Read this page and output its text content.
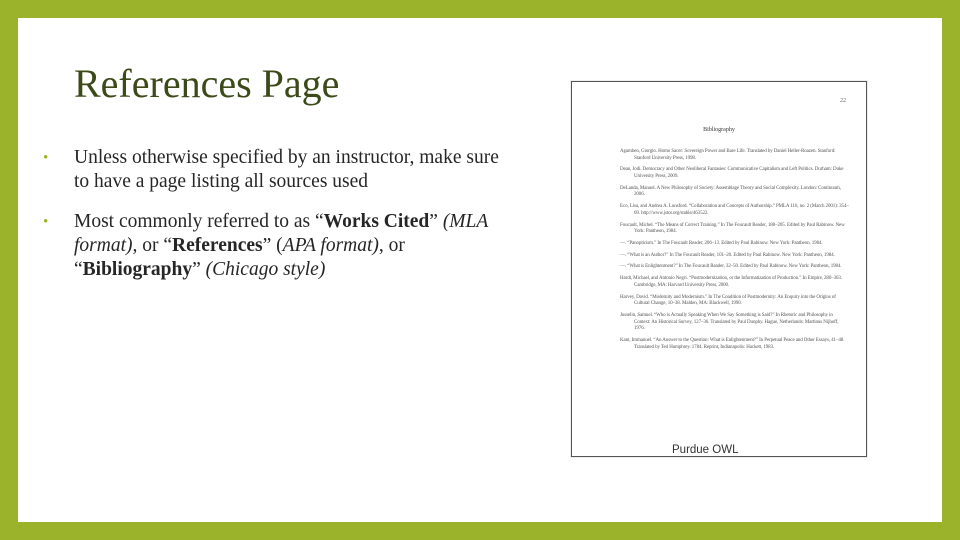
References Page
• Unless otherwise specified by an instructor, make sure
to have a page listing all sources used
• Most commonly referred to as “Works Cited” (MLA
format), or “References” (APA format), or
“Bibliography” (Chicago style)
22
Bibliography
Agamben, Giorgio. Homo Sacer: Sovereign Power and Bare Life. Translated by Daniel Heller-Roazen. Stanford: Stanford University Press, 1998.
Dean, Jodi. Democracy and Other Neoliberal Fantasies: Communicative Capitalism and Left Politics. Durham: Duke University Press, 2009.
DeLanda, Manuel. A New Philosophy of Society: Assemblage Theory and Social Complexity. London: Continuum, 2006.
Eco, Lisa, and Andrea A. Lunsford. “Collaboration and Concepts of Authorship.” PMLA 116, no. 2 (March 2001): 354–69. http://www.jstor.org/stable/463522.
Foucault, Michel. “The Means of Correct Training.” In The Foucault Reader, 188–205. Edited by Paul Rabinow. New York: Pantheon, 1984.
—. “Panopticism.” In The Foucault Reader, 206–13. Edited by Paul Rabinow. New York: Pantheon, 1984.
—. “What is an Author?” In The Foucault Reader, 101–20. Edited by Paul Rabinow. New York: Pantheon, 1984.
—. “What is Enlightenment?” In The Foucault Reader, 32–50. Edited by Paul Rabinow. New York: Pantheon, 1984.
Hardt, Michael, and Antonio Negri. “Postmodernization, or the Informatization of Production.” In Empire, 280–303. Cambridge, MA: Harvard University Press, 2000.
Harvey, David. “Modernity and Modernism.” In The Condition of Postmodernity: An Enquiry into the Origins of Cultural Change, 10–38. Malden, MA: Blackwell, 1990.
Jusselin, Samuel. “Who is Actually Speaking When We Say Something is Said?” In Rhetoric and Philosophy in Context: An Historical Survey, 127–36. Translated by Paul Dunphy. Hague, Netherlands: Martinus Nijhoff, 1976.
Kant, Immanuel. “An Answer to the Question: What is Enlightenment?” In Perpetual Peace and Other Essays, 41–48. Translated by Ted Humphrey. 1784. Reprint, Indianapolis: Hackett, 1983.
Purdue OWL
